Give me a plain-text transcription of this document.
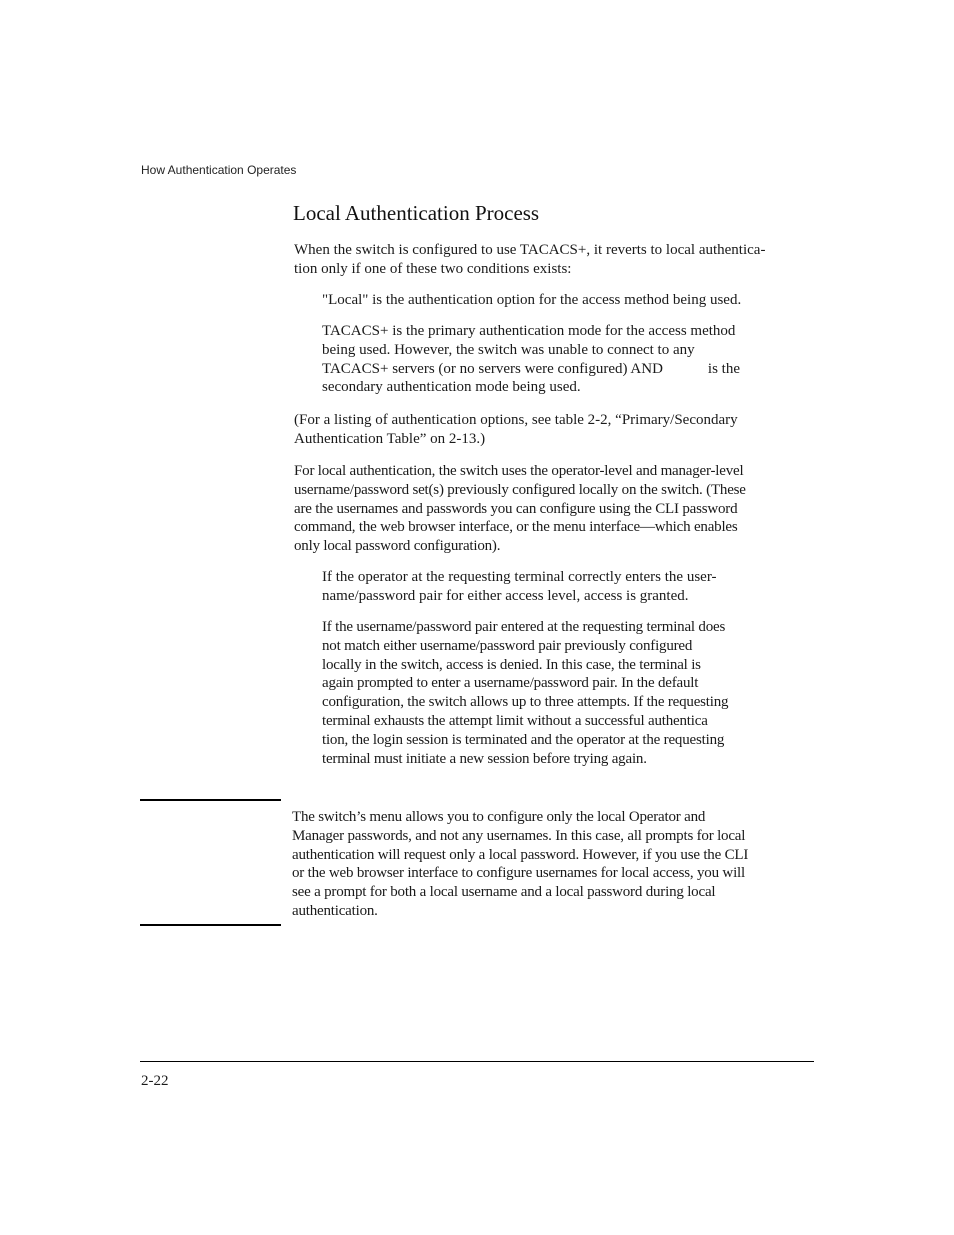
How Authentication Operates
Local Authentication Process
When the switch is configured to use TACACS+, it reverts to local authentica-
tion only if one of these two conditions exists:
"Local" is the authentication option for the access method being used.
TACACS+ is the primary authentication mode for the access method
being used. However, the switch was unable to connect to any
TACACS+ servers (or no servers were configured) AND            is the
secondary authentication mode being used.
(For a listing of authentication options, see table 2-2, “Primary/Secondary
Authentication Table” on 2-13.)
For local authentication, the switch uses the operator-level and manager-level
username/password set(s) previously configured locally on the switch. (These
are the usernames and passwords you can configure using the CLI password
command, the web browser interface, or the menu interface—which enables
only local password configuration).
If the operator at the requesting terminal correctly enters the user-
name/password pair for either access level, access is granted.
If the username/password pair entered at the requesting terminal does
not match either username/password pair previously configured
locally in the switch, access is denied. In this case, the terminal is
again prompted to enter a username/password pair. In the default
configuration, the switch allows up to three attempts. If the requesting
terminal exhausts the attempt limit without a successful authentica
tion, the login session is terminated and the operator at the requesting
terminal must initiate a new session before trying again.
The switch’s menu allows you to configure only the local Operator and
Manager passwords, and not any usernames. In this case, all prompts for local
authentication will request only a local password. However, if you use the CLI
or the web browser interface to configure usernames for local access, you will
see a prompt for both a local username and a local password during local
authentication.
2-22
